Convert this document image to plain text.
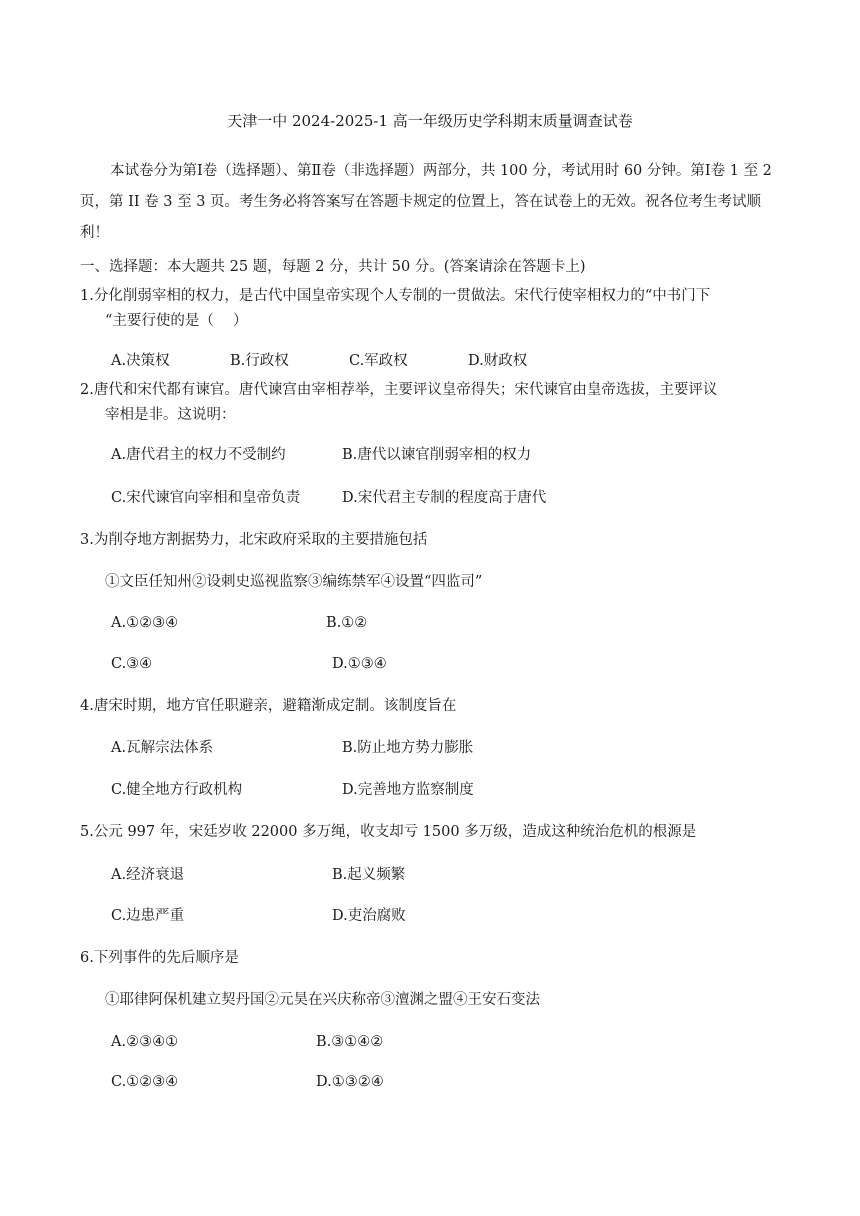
天津一中 2024-2025-1 高一年级历史学科期末质量调查试卷
本试卷分为第Ⅰ卷（选择题）、第Ⅱ卷（非选择题）两部分，共 100 分，考试用时 60 分钟。第Ⅰ卷 1 至 2 页，第 II 卷 3 至 3 页。考生务必将答案写在答题卡规定的位置上，答在试卷上的无效。祝各位考生考试顺利！
一、选择题：本大题共 25 题，每题 2 分，共计 50 分。(答案请涂在答题卡上)
1.分化削弱宰相的权力，是古代中国皇帝实现个人专制的一贯做法。宋代行使宰相权力的“中书门下
“主要行使的是（　 ）
A.决策权	B.行政权	C.军政权	D.财政权
2.唐代和宋代都有谏官。唐代谏宫由宰相荐举，主要评议皇帝得失；宋代谏官由皇帝选拔，主要评议
宰相是非。这说明：
A.唐代君主的权力不受制约	B.唐代以谏官削弱宰相的权力
C.宋代谏官向宰相和皇帝负责	D.宋代君主专制的程度高于唐代
3.为削夺地方割据势力，北宋政府采取的主要措施包括
①文臣任知州②设刺史巡视监察③编练禁军④设置“四监司”
A.①②③④	B.①②
C.③④	D.①③④
4.唐宋时期，地方官任职避亲，避籍渐成定制。该制度旨在
A.瓦解宗法体系	B.防止地方势力膨胀
C.健全地方行政机构	D.完善地方监察制度
5.公元 997 年，宋廷岁收 22000 多万绳，收支却亏 1500 多万级，造成这种统治危机的根源是
A.经济衰退	B.起义频繁
C.边患严重	D.吏治腐败
6.下列事件的先后顺序是
①耶律阿保机建立契丹国②元昊在兴庆称帝③澶渊之盟④王安石变法
A.②③④①	B.③①④②
C.①②③④	D.①③②④
